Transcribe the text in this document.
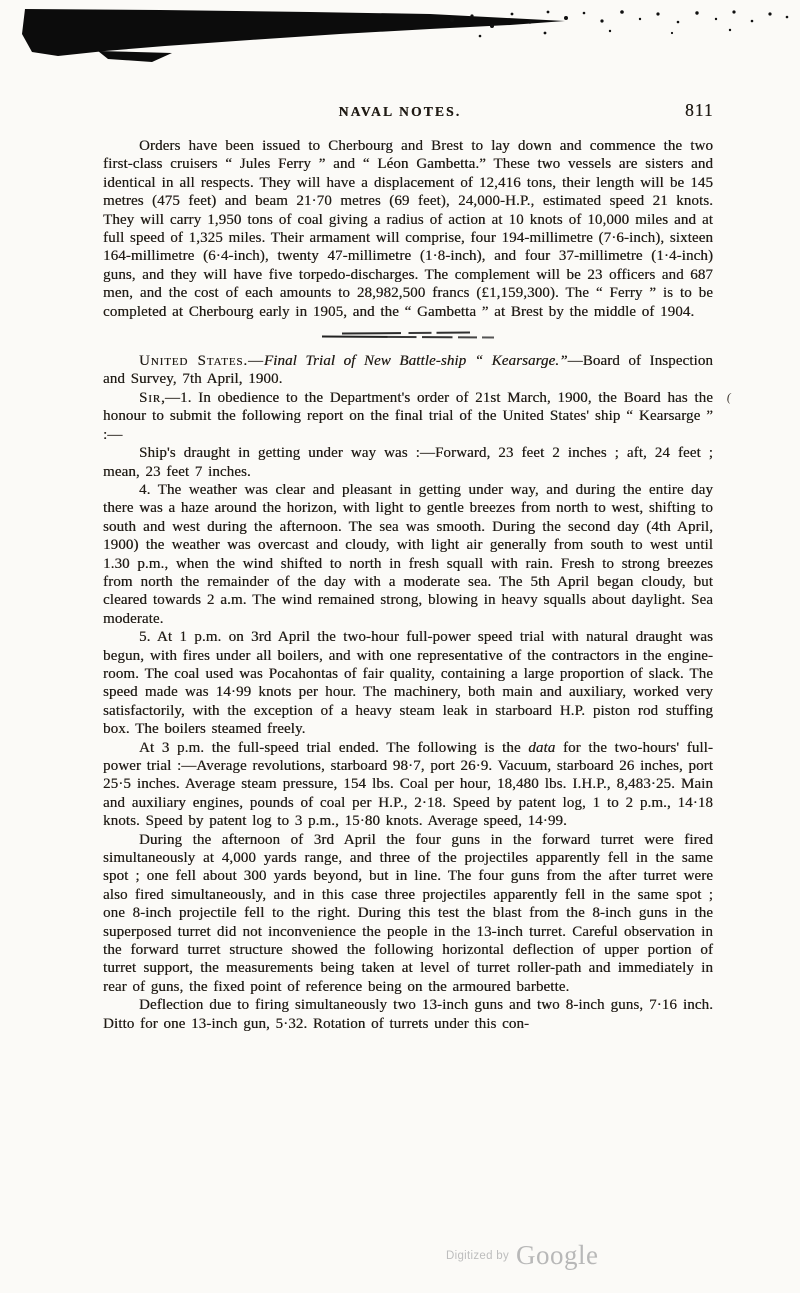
NAVAL NOTES.	811

Orders have been issued to Cherbourg and Brest to lay down and commence the two first-class cruisers “ Jules Ferry ” and “ Léon Gambetta.” These two vessels are sisters and identical in all respects. They will have a displacement of 12,416 tons, their length will be 145 metres (475 feet) and beam 21·70 metres (69 feet), 24,000-H.P., estimated speed 21 knots. They will carry 1,950 tons of coal giving a radius of action at 10 knots of 10,000 miles and at full speed of 1,325 miles. Their armament will comprise, four 194-millimetre (7·6-inch), sixteen 164-millimetre (6·4-inch), twenty 47-millimetre (1·8-inch), and four 37-millimetre (1·4-inch) guns, and they will have five torpedo-discharges. The complement will be 23 officers and 687 men, and the cost of each amounts to 28,982,500 francs (£1,159,300). The “ Ferry ” is to be completed at Cherbourg early in 1905, and the “ Gambetta ” at Brest by the middle of 1904.

United States.—Final Trial of New Battle-ship “ Kearsarge.”—Board of Inspection and Survey, 7th April, 1900.

Sir,—1. In obedience to the Department's order of 21st March, 1900, the Board has the honour to submit the following report on the final trial of the United States' ship “ Kearsarge ” :—

Ship's draught in getting under way was :—Forward, 23 feet 2 inches ; aft, 24 feet ; mean, 23 feet 7 inches.

4. The weather was clear and pleasant in getting under way, and during the entire day there was a haze around the horizon, with light to gentle breezes from north to west, shifting to south and west during the afternoon. The sea was smooth. During the second day (4th April, 1900) the weather was overcast and cloudy, with light air generally from south to west until 1.30 p.m., when the wind shifted to north in fresh squall with rain. Fresh to strong breezes from north the remainder of the day with a moderate sea. The 5th April began cloudy, but cleared towards 2 a.m. The wind remained strong, blowing in heavy squalls about daylight. Sea moderate.

5. At 1 p.m. on 3rd April the two-hour full-power speed trial with natural draught was begun, with fires under all boilers, and with one representative of the contractors in the engine-room. The coal used was Pocahontas of fair quality, containing a large proportion of slack. The speed made was 14·99 knots per hour. The machinery, both main and auxiliary, worked very satisfactorily, with the exception of a heavy steam leak in starboard H.P. piston rod stuffing box. The boilers steamed freely.

At 3 p.m. the full-speed trial ended. The following is the data for the two-hours' full-power trial :—Average revolutions, starboard 98·7, port 26·9. Vacuum, starboard 26 inches, port 25·5 inches. Average steam pressure, 154 lbs. Coal per hour, 18,480 lbs. I.H.P., 8,483·25. Main and auxiliary engines, pounds of coal per H.P., 2·18. Speed by patent log, 1 to 2 p.m., 14·18 knots. Speed by patent log to 3 p.m., 15·80 knots. Average speed, 14·99.

During the afternoon of 3rd April the four guns in the forward turret were fired simultaneously at 4,000 yards range, and three of the projectiles apparently fell in the same spot ; one fell about 300 yards beyond, but in line. The four guns from the after turret were also fired simultaneously, and in this case three projectiles apparently fell in the same spot ; one 8-inch projectile fell to the right. During this test the blast from the 8-inch guns in the superposed turret did not inconvenience the people in the 13-inch turret. Careful observation in the forward turret structure showed the following horizontal deflection of upper portion of turret support, the measurements being taken at level of turret roller-path and immediately in rear of guns, the fixed point of reference being on the armoured barbette.

Deflection due to firing simultaneously two 13-inch guns and two 8-inch guns, 7·16 inch. Ditto for one 13-inch gun, 5·32. Rotation of turrets under this con-

(
Digitized by Google
